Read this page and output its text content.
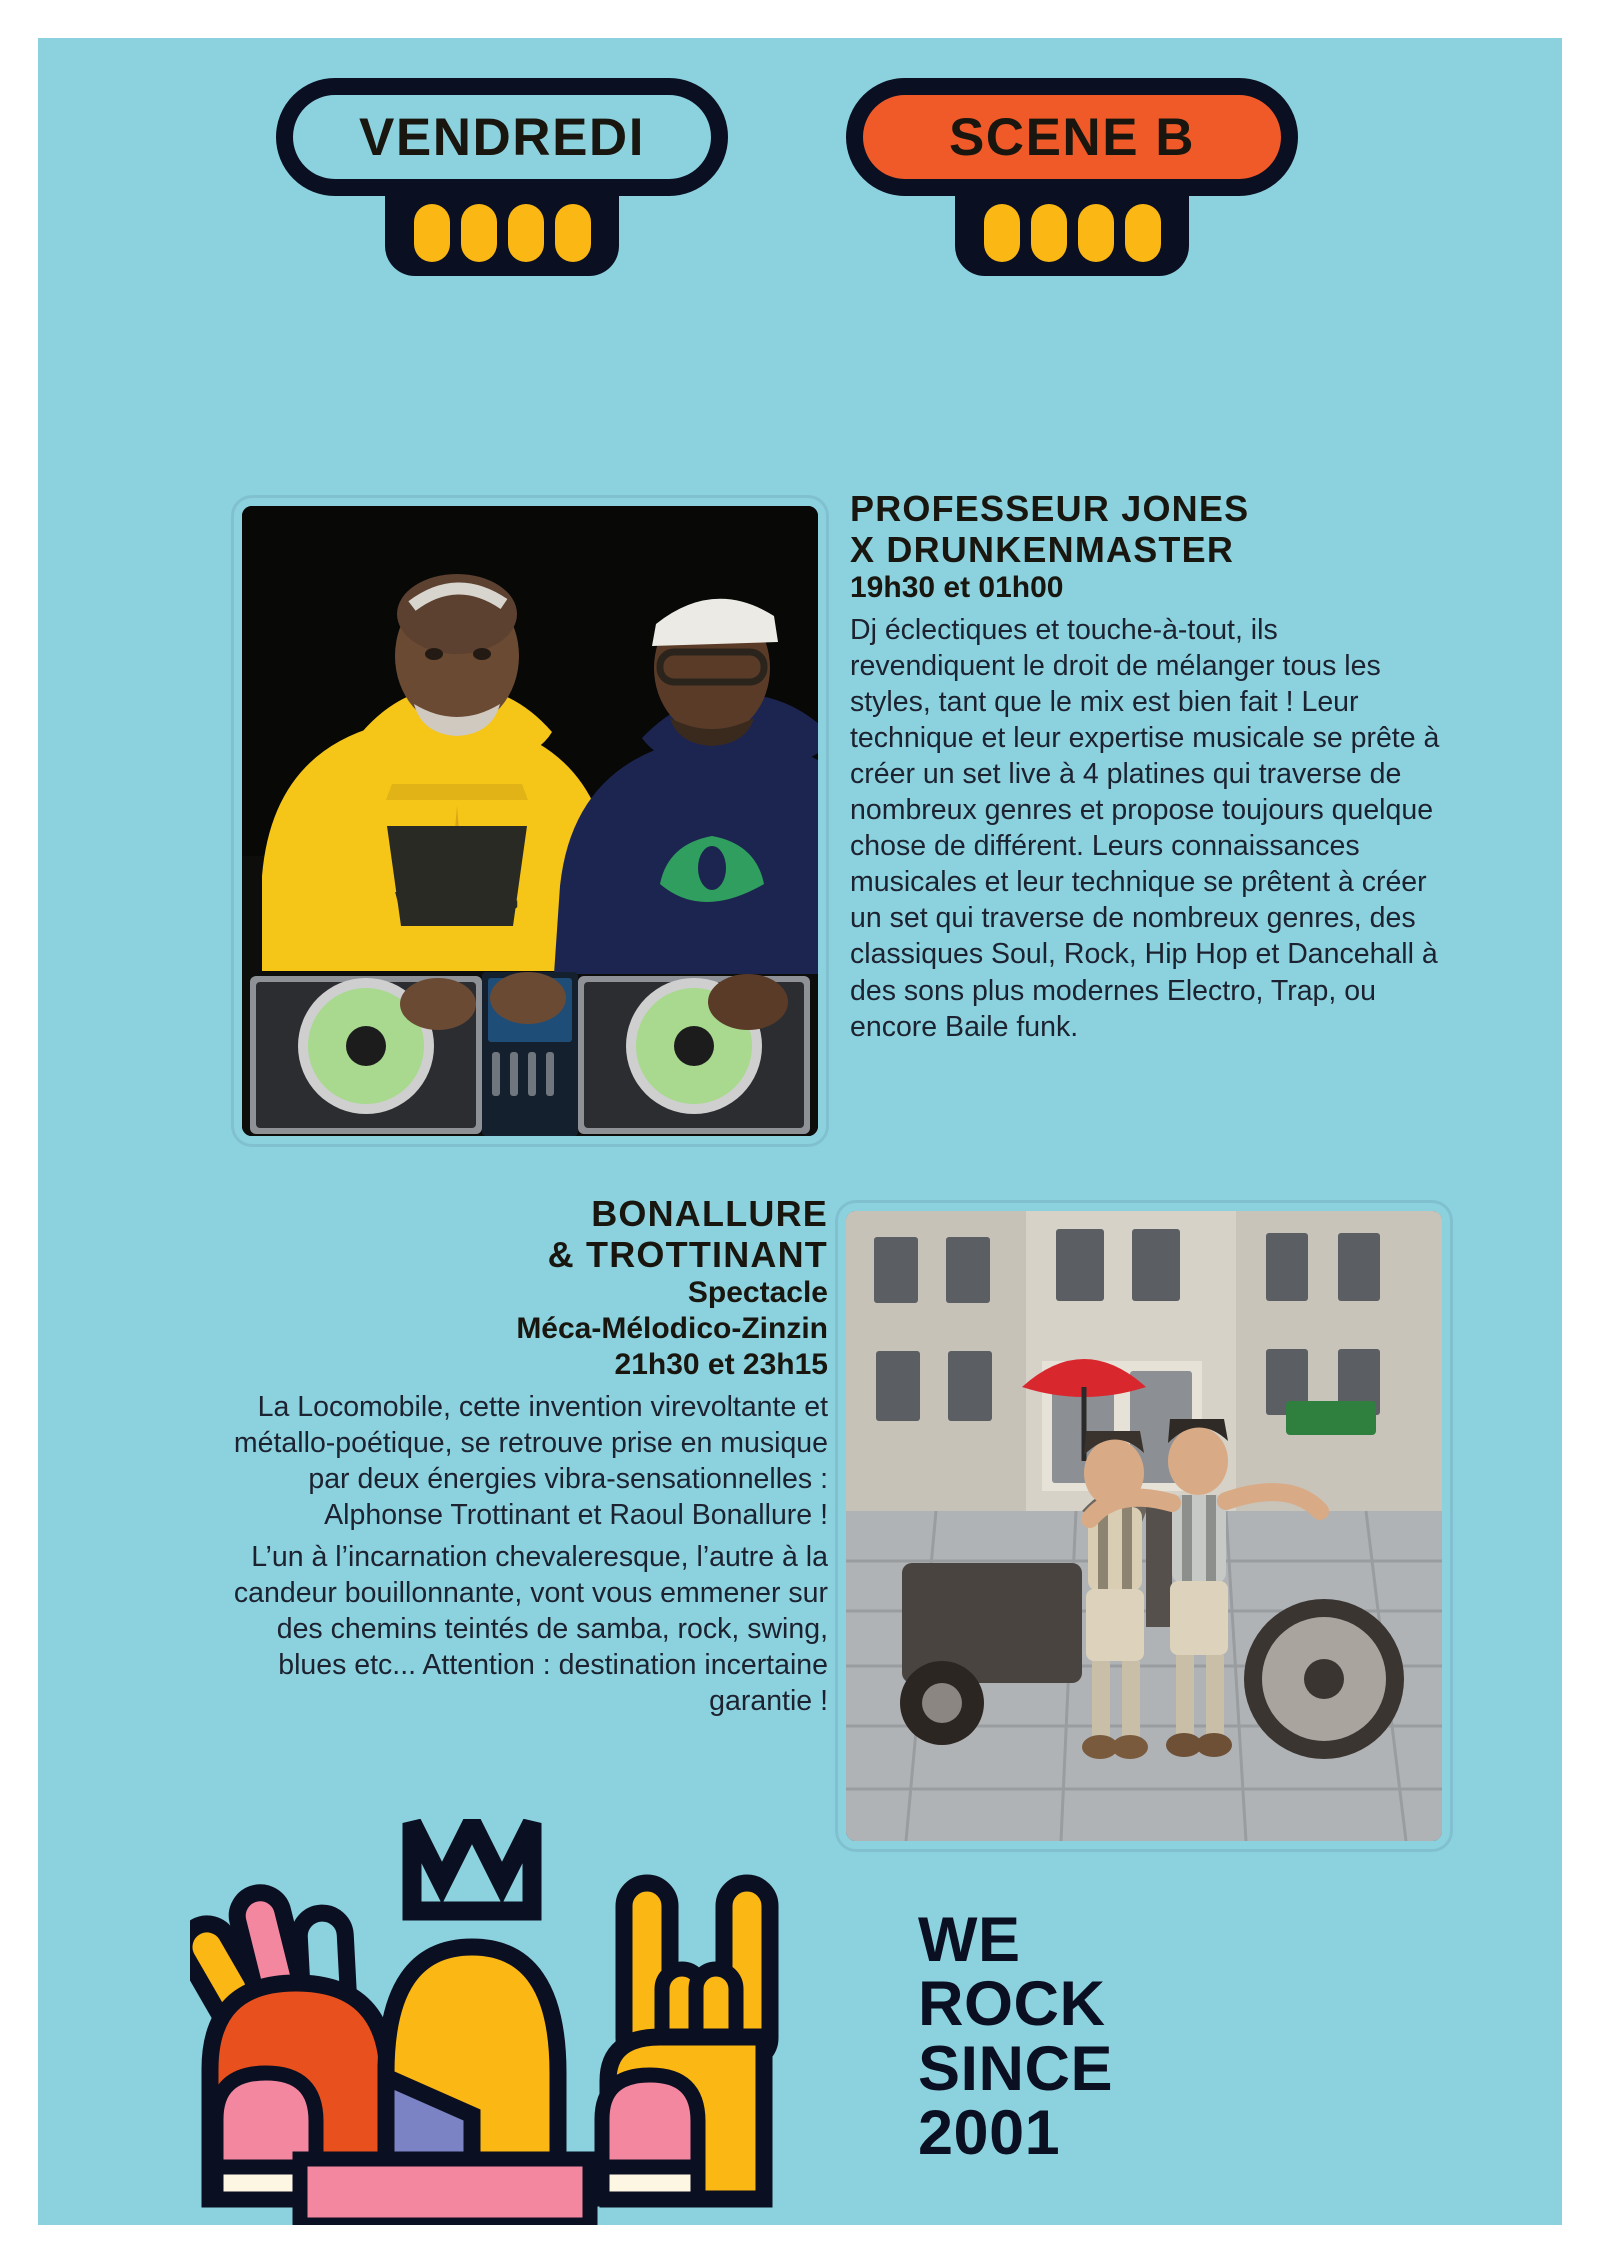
VENDREDI	SCENE B
WU-TANG
PROFESSEUR JONES
X DRUNKENMASTER

19h30 et 01h00

Dj éclectiques et touche-à-tout, ils revendiquent le droit de mélanger tous les styles, tant que le mix est bien fait ! Leur technique et leur expertise musicale se prête à créer un set live à 4 platines qui traverse de nombreux genres et propose toujours quelque chose de différent. Leurs connaissances musicales et leur technique se prêtent à créer un set qui traverse de nombreux genres, des classiques Soul, Rock, Hip Hop et Dancehall à des sons plus modernes Electro, Trap, ou encore Baile funk.

BONALLURE
& TROTTINANT

Spectacle
Méca-Mélodico-Zinzin
21h30 et 23h15

La Locomobile, cette invention virevoltante et métallo-poétique, se retrouve prise en musique par deux énergies vibra-sensationnelles : Alphonse Trottinant et Raoul Bonallure !

L’un à l’incarnation chevaleresque, l’autre à la candeur bouillonnante, vont vous emmener sur des chemins teintés de samba, rock, swing, blues etc... Attention : destination incertaine garantie !

WE
ROCK
SINCE
2001
